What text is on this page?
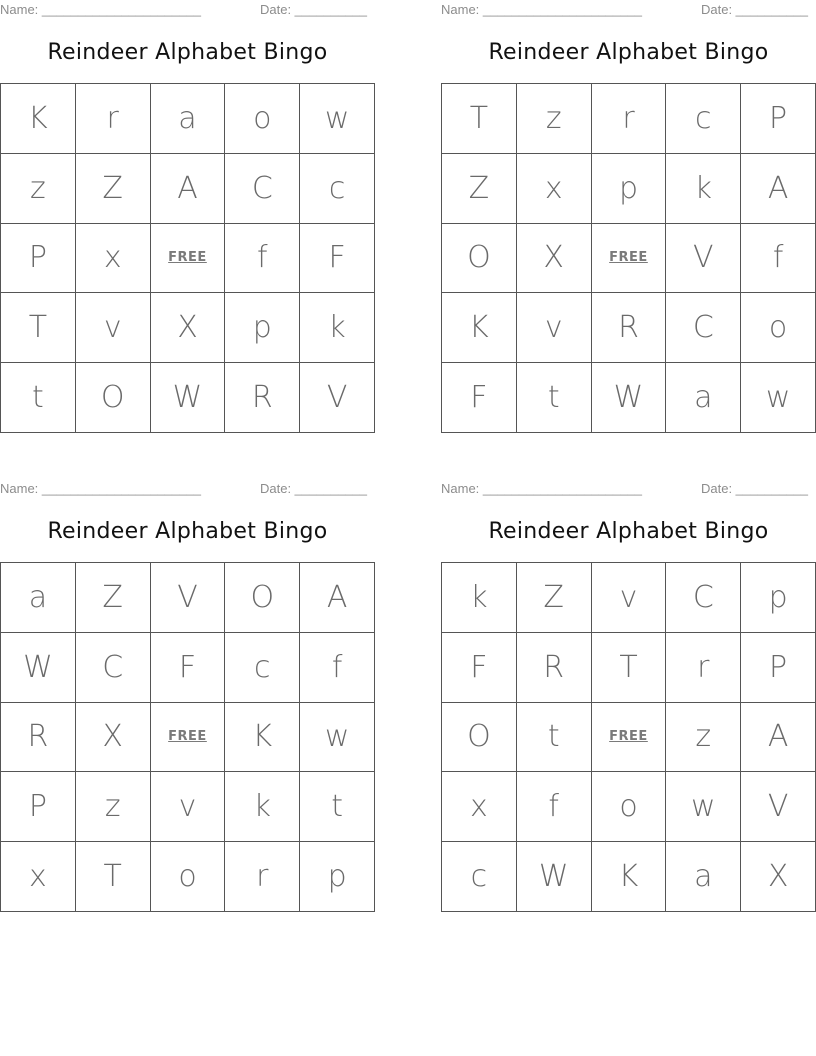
Name: ______________________	Date: __________
Reindeer Alphabet Bingo
K	r	a	o	w
z	Z	A	C	c
P	x	FREE	f	F
T	v	X	p	k
t	O	W	R	V
Name: ______________________	Date: __________
Reindeer Alphabet Bingo
T	z	r	c	P
Z	x	p	k	A
O	X	FREE	V	f
K	v	R	C	o
F	t	W	a	w
Name: ______________________	Date: __________
Reindeer Alphabet Bingo
a	Z	V	O	A
W	C	F	c	f
R	X	FREE	K	w
P	z	v	k	t
x	T	o	r	p
Name: ______________________	Date: __________
Reindeer Alphabet Bingo
k	Z	v	C	p
F	R	T	r	P
O	t	FREE	z	A
x	f	o	w	V
c	W	K	a	X
